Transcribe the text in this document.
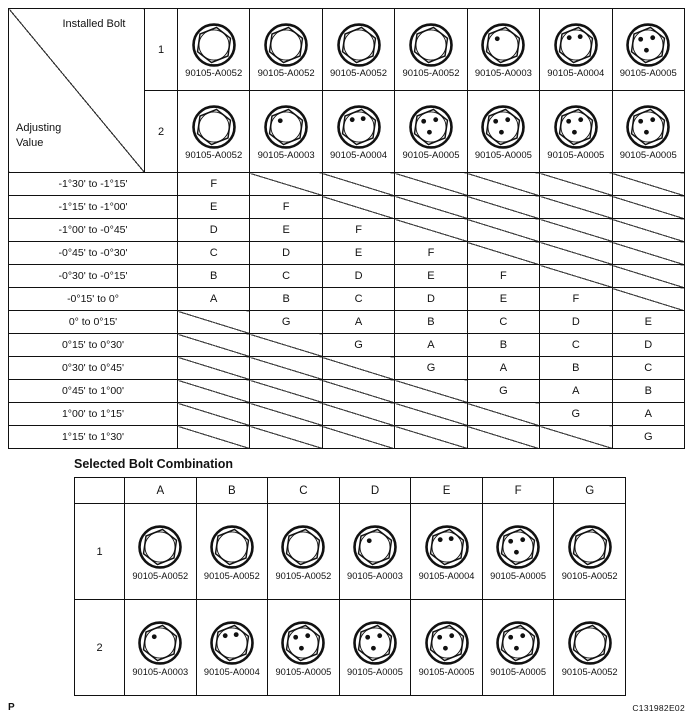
Installed Bolt
Adjusting Value	1	90105-A0052	90105-A0052	90105-A0052	90105-A0052	90105-A0003	90105-A0004	90105-A0005

	2	90105-A0052	90105-A0003	90105-A0004	90105-A0005	90105-A0005	90105-A0005	90105-A0005

-1°30' to -1°15'		F						
-1°15' to -1°00'		E	F					
-1°00' to -0°45'		D	E	F				
-0°45' to -0°30'		C	D	E	F			
-0°30' to -0°15'		B	C	D	E	F		
-0°15' to 0°		A	B	C	D	E	F	
0° to 0°15'			G	A	B	C	D	E
0°15' to 0°30'				G	A	B	C	D
0°30' to 0°45'					G	A	B	C
0°45' to 1°00'						G	A	B
1°00' to 1°15'							G	A
1°15' to 1°30'								G
Selected Bolt Combination
	A	B	C	D	E	F	G
1	90105-A0052	90105-A0052	90105-A0052	90105-A0003	90105-A0004	90105-A0005	90105-A0052

2	90105-A0003	90105-A0004	90105-A0005	90105-A0005	90105-A0005	90105-A0005	90105-A0052
P	C131982E02
